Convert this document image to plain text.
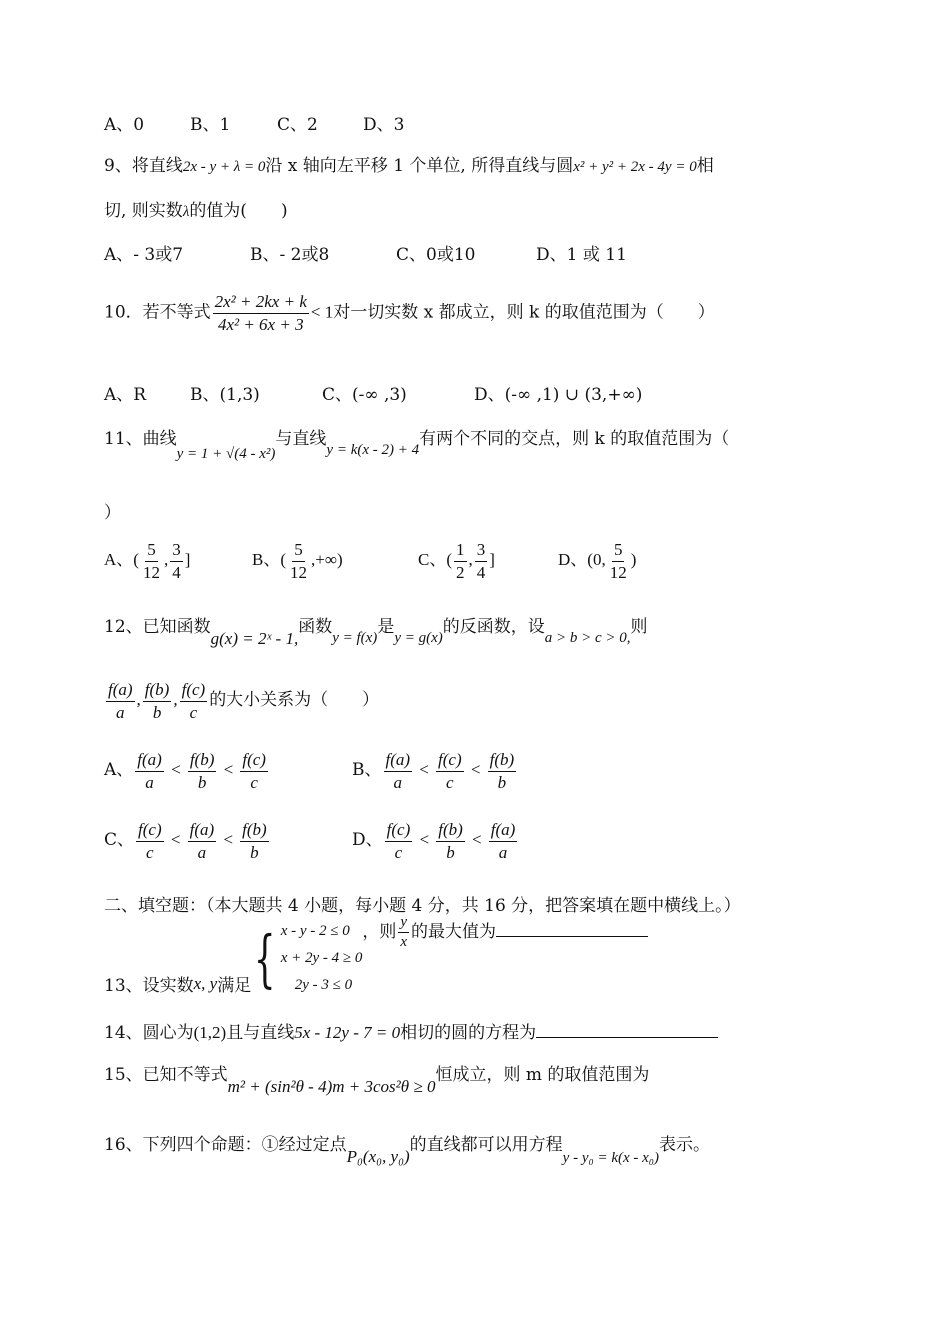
A、0	B、1	C、2	D、3
9、将直线2x - y + λ = 0沿 x 轴向左平移 1 个单位, 所得直线与圆x² + y² + 2x - 4y = 0相
切, 则实数λ的值为(　　)
A、- 3或7	B、- 2或8	C、0或10	D、1 或 11
10．若不等式 $\frac{\text{2x² + 2kx + k}}{\text{4x² + 6x + 3}} < 1$对一切实数 x 都成立，则 k 的取值范围为（　　）
A、R	B、(1,3)	C、(-∞ ,3)	D、(-∞ ,1) ∪ (3,+∞)
11、曲线y = 1 + √(4 - x²)与直线y = k(x - 2) + 4有两个不同的交点，则 k 的取值范围为（
）
A、( $\frac{5}{12}$ , $\frac{3}{4}$ ]	B、( $\frac{5}{12}$ ,+∞)	C、( $\frac{1}{2}$ , $\frac{3}{4}$ ]	D、(0, $\frac{5}{12}$ )
12、已知函数g(x) = 2ˣ - 1,函数y = f(x)是y = g(x)的反函数，设a > b > c > 0,则
$\frac{f(a)}{a}$ , $\frac{f(b)}{b}$ , $\frac{f(c)}{c}$ 的大小关系为（　　）
A、 $\frac{f(a)}{a} < \frac{f(b)}{b} < \frac{f(c)}{c}$	B、 $\frac{f(a)}{a} < \frac{f(c)}{c} < \frac{f(b)}{b}$
C、 $\frac{f(c)}{c} < \frac{f(a)}{a} < \frac{f(b)}{b}$	D、 $\frac{f(c)}{c} < \frac{f(b)}{b} < \frac{f(a)}{a}$
二、填空题：（本大题共 4 小题，每小题 4 分，共 16 分，把答案填在题中横线上。）
13、设实数x, y满足 { x - y - 2 ≤ 0
x + 2y - 4 ≥ 0
2y - 3 ≤ 0
，则 $\frac{y}{x}$ 的最大值为
14、圆心为(1,2)且与直线5x - 12y - 7 = 0相切的圆的方程为
15、已知不等式m² + (sin²θ - 4)m + 3cos²θ ≥ 0恒成立，则 m 的取值范围为
16、下列四个命题：①经过定点P₀(x₀, y₀)的直线都可以用方程y - y₀ = k(x - x₀)表示。
